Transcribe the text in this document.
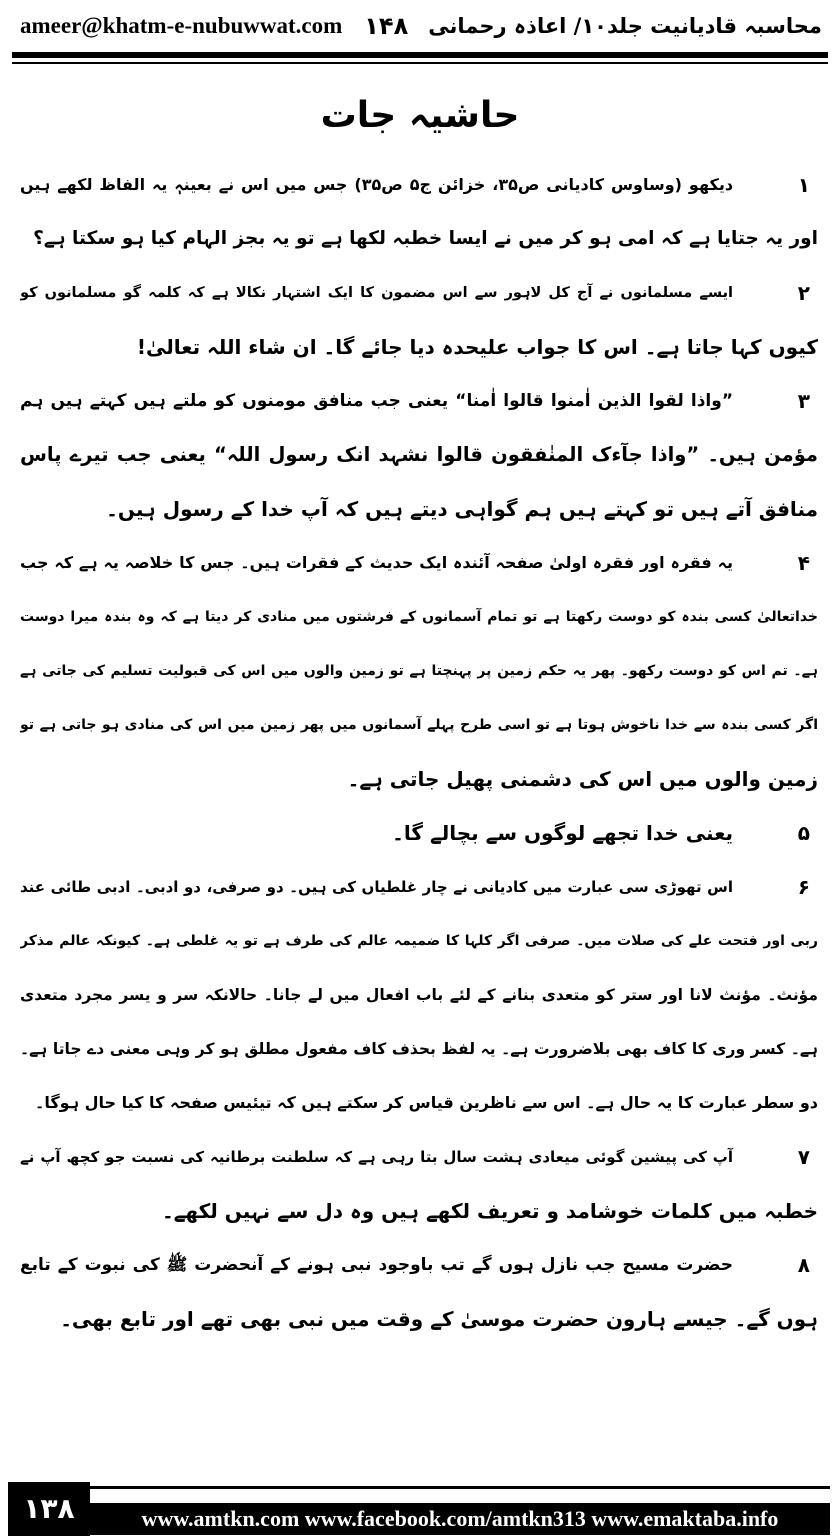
ameer@khatm-e-nubuwwat.com ۱۴۸ محاسبہ قادیانیت جلد۱۰/ اعاذہ رحمانی
حاشیہ جات
۱
دیکھو (وساوس کادیانی ص۳۵، خزائن ج۵ ص۳۵) جس میں اس نے بعینہٖ یہ الفاظ لکھے ہیں
اور یہ جتایا ہے کہ امی ہو کر میں نے ایسا خطبہ لکھا ہے تو یہ بجز الہام کیا ہو سکتا ہے؟
۲
ایسے مسلمانوں نے آج کل لاہور سے اس مضمون کا ایک اشتہار نکالا ہے کہ کلمہ گو مسلمانوں کو
کیوں کہا جاتا ہے۔ اس کا جواب علیحدہ دیا جائے گا۔ ان شاء اللہ تعالیٰ!
۳
”واذا لقوا الذین اٰمنوا قالوا اٰمنا“ یعنی جب منافق مومنوں کو ملتے ہیں کہتے ہیں ہم
مؤمن ہیں۔ ”واذا جآءک المنٰفقون قالوا نشہد انک رسول اللہ“ یعنی جب تیرے پاس
منافق آتے ہیں تو کہتے ہیں ہم گواہی دیتے ہیں کہ آپ خدا کے رسول ہیں۔
۴
یہ فقرہ اور فقرہ اولیٰ صفحہ آئندہ ایک حدیث کے فقرات ہیں۔ جس کا خلاصہ یہ ہے کہ جب
خداتعالیٰ کسی بندہ کو دوست رکھتا ہے تو تمام آسمانوں کے فرشتوں میں منادی کر دیتا ہے کہ وہ بندہ میرا دوست
ہے۔ تم اس کو دوست رکھو۔ پھر یہ حکم زمین پر پہنچتا ہے تو زمین والوں میں اس کی قبولیت تسلیم کی جاتی ہے
اگر کسی بندہ سے خدا ناخوش ہوتا ہے تو اسی طرح پہلے آسمانوں میں پھر زمین میں اس کی منادی ہو جاتی ہے تو
زمین والوں میں اس کی دشمنی پھیل جاتی ہے۔
۵
یعنی خدا تجھے لوگوں سے بچالے گا۔
۶
اس تھوڑی سی عبارت میں کادیانی نے چار غلطیاں کی ہیں۔ دو صرفی، دو ادبی۔ ادبی طائی عند
ربی اور فتحت علے کی صلات میں۔ صرفی اگر کلہا کا ضمیمہ عالم کی طرف ہے تو یہ غلطی ہے۔ کیونکہ عالم مذکر
مؤنث۔ مؤنث لانا اور ستر کو متعدی بنانے کے لئے باب افعال میں لے جانا۔ حالانکہ سر و یسر مجرد متعدی
ہے۔ کسر وری کا کاف بھی بلاضرورت ہے۔ یہ لفظ بحذف کاف مفعول مطلق ہو کر وہی معنی دے جاتا ہے۔
دو سطر عبارت کا یہ حال ہے۔ اس سے ناظرین قیاس کر سکتے ہیں کہ تیئیس صفحہ کا کیا حال ہوگا۔
۷
آپ کی پیشین گوئی میعادی ہشت سال بتا رہی ہے کہ سلطنت برطانیہ کی نسبت جو کچھ آپ نے
خطبہ میں کلمات خوشامد و تعریف لکھے ہیں وہ دل سے نہیں لکھے۔
۸
حضرت مسیح جب نازل ہوں گے تب باوجود نبی ہونے کے آنحضرت ﷺ کی نبوت کے تابع
ہوں گے۔ جیسے ہارون حضرت موسیٰ کے وقت میں نبی بھی تھے اور تابع بھی۔
www.amtkn.com www.facebook.com/amtkn313 www.emaktaba.info
۱۳۸
